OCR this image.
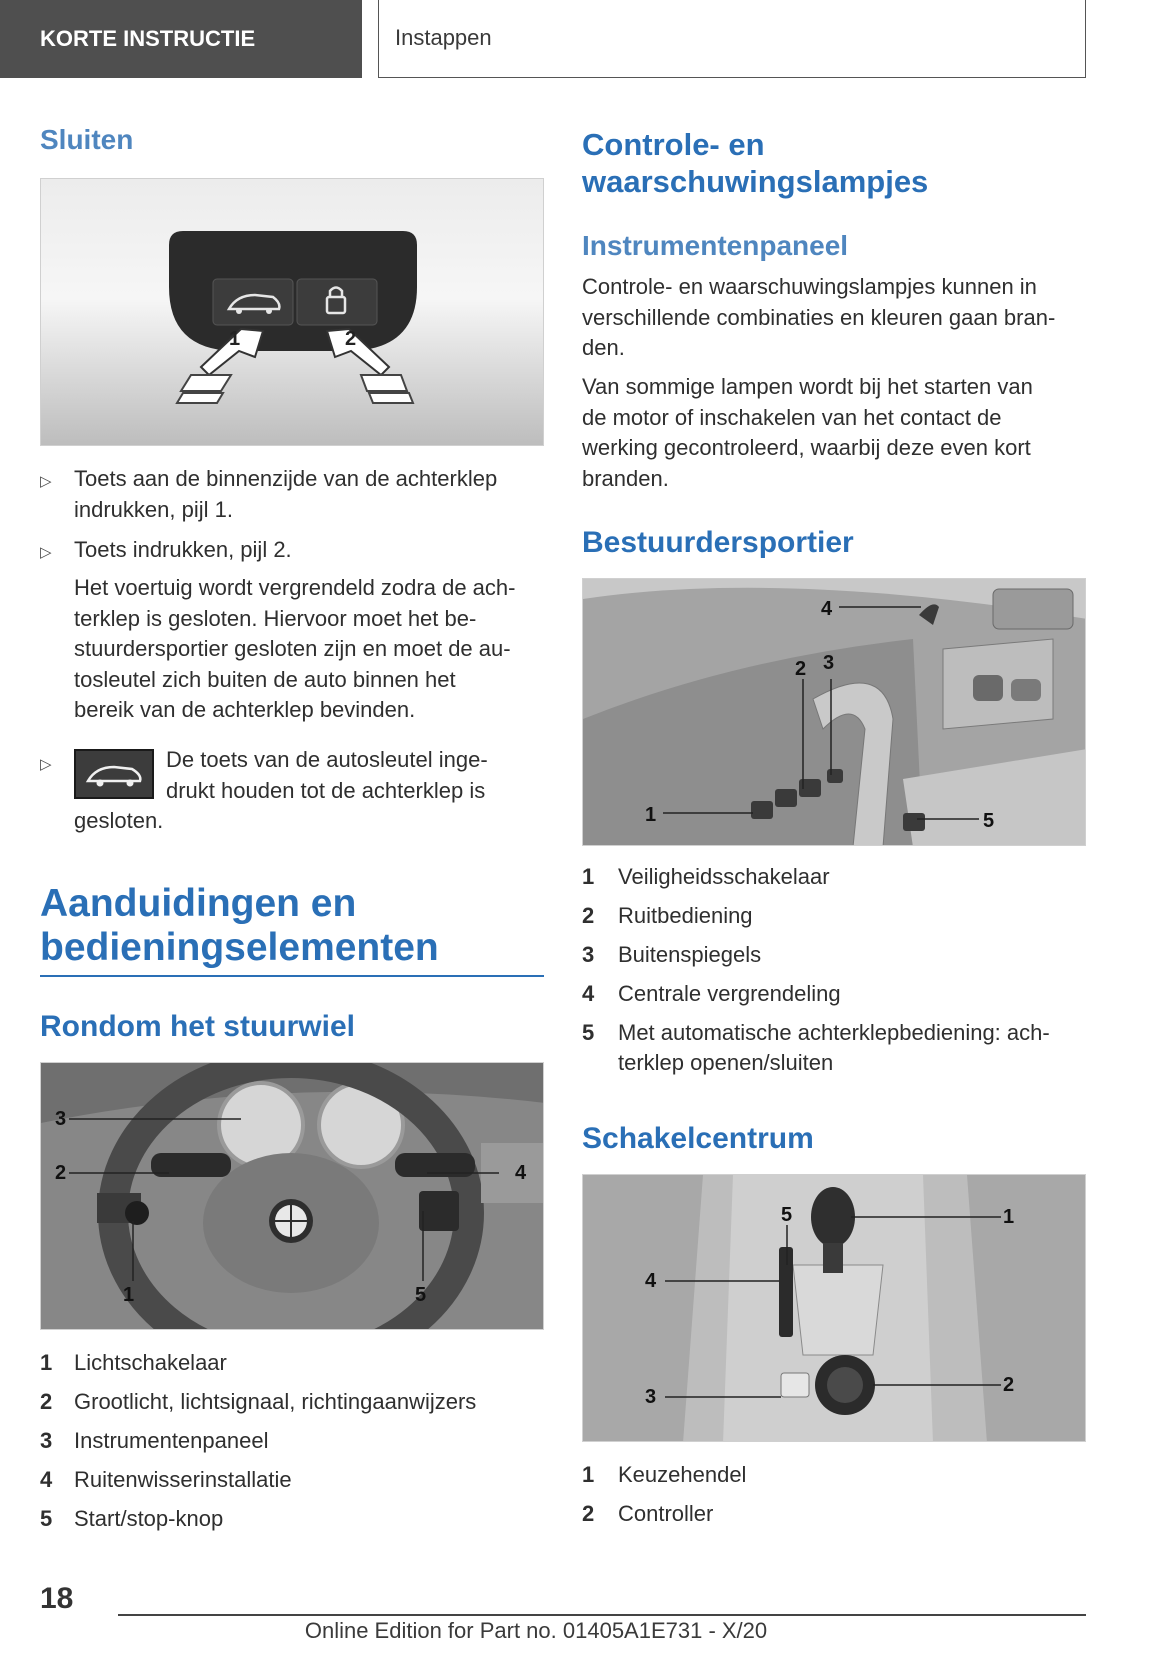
KORTE INSTRUCTIE	Instappen
Sluiten
1	2
▷ Toets aan de binnenzijde van de achterklep
indrukken, pijl 1.

▷ Toets indrukken, pijl 2.

Het voertuig wordt vergrendeld zodra de ach-
terklep is gesloten. Hiervoor moet het be-
stuurdersportier gesloten zijn en moet de au-
tosleutel zich buiten de auto binnen het
bereik van de achterklep bevinden.

▷	De toets van de autosleutel inge-
drukt houden tot de achterklep is

gesloten.

Aanduidingen en
bedieningselementen
Rondom het stuurwiel
1
2
3
4
5
1 Lichtschakelaar
2 Grootlicht, lichtsignaal, richtingaanwijzers
3 Instrumentenpaneel
4 Ruitenwisserinstallatie
5 Start/stop-knop
Controle- en
waarschuwingslampjes
Instrumentenpaneel

Controle- en waarschuwingslampjes kunnen in
verschillende combinaties en kleuren gaan bran-
den.

Van sommige lampen wordt bij het starten van
de motor of inschakelen van het contact de
werking gecontroleerd, waarbij deze even kort
branden.

Bestuurdersportier
1
2 3
4
5
1 Veiligheidsschakelaar
2 Ruitbediening
3 Buitenspiegels
4 Centrale vergrendeling
5 Met automatische achterklepbediening: ach-
terklep openen/sluiten
Schakelcentrum
1
2
3
4
5
1 Keuzehendel
2 Controller
18
Online Edition for Part no. 01405A1E731 - X/20
